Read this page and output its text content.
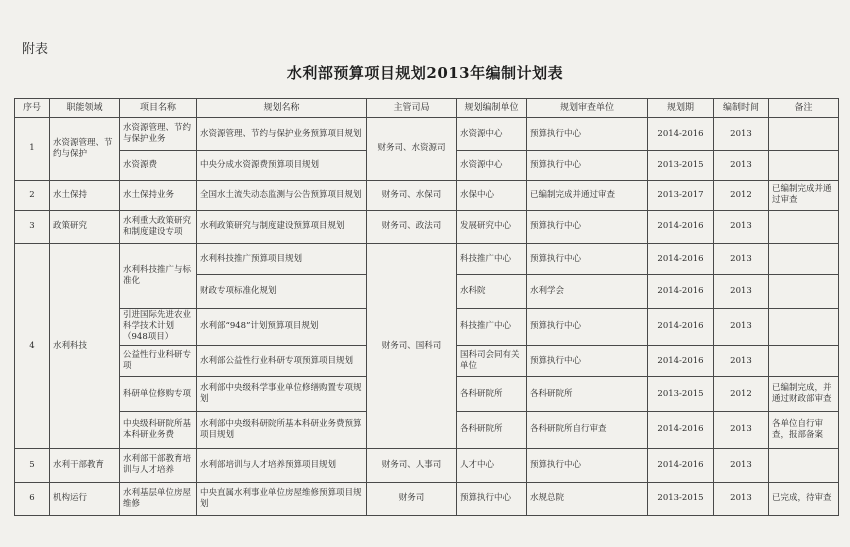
附表
水利部预算项目规划2013年编制计划表
序号	职能领域	项目名称	规划名称	主管司局	规划编制单位	规划审查单位	规划期	编制时间	备注
1	水资源管理、节约与保护	水资源管理、节约与保护业务	水资源管理、节约与保护业务预算项目规划	财务司、水资源司	水资源中心	预算执行中心	2014-2016	2013	
		水资源费	中央分成水资源费预算项目规划		水资源中心	预算执行中心	2013-2015	2013	
2	水土保持	水土保持业务	全国水土流失动态监测与公告预算项目规划	财务司、水保司	水保中心	已编制完成并通过审查	2013-2017	2012	已编制完成并通过审查
3	政策研究	水利重大政策研究和制度建设专项	水利政策研究与制度建设预算项目规划	财务司、政法司	发展研究中心	预算执行中心	2014-2016	2013	
4	水利科技	水利科技推广与标准化	水利科技推广预算项目规划	财务司、国科司	科技推广中心	预算执行中心	2014-2016	2013	
			财政专项标准化规划		水科院	水利学会	2014-2016	2013	
		引进国际先进农业科学技术计划（948项目）	水利部“948”计划预算项目规划		科技推广中心	预算执行中心	2014-2016	2013	
		公益性行业科研专项	水利部公益性行业科研专项预算项目规划		国科司会同有关单位	预算执行中心	2014-2016	2013	
		科研单位修购专项	水利部中央级科学事业单位修缮购置专项规划		各科研院所	各科研院所	2013-2015	2012	已编制完成，并通过财政部审查
		中央级科研院所基本科研业务费	水利部中央级科研院所基本科研业务费预算项目规划		各科研院所	各科研院所自行审查	2014-2016	2013	各单位自行审查，报部备案
5	水利干部教育	水利部干部教育培训与人才培养	水利部培训与人才培养预算项目规划	财务司、人事司	人才中心	预算执行中心	2014-2016	2013	
6	机构运行	水利基层单位房屋维修	中央直属水利事业单位房屋维修预算项目规划	财务司	预算执行中心	水规总院	2013-2015	2013	已完成，待审查
